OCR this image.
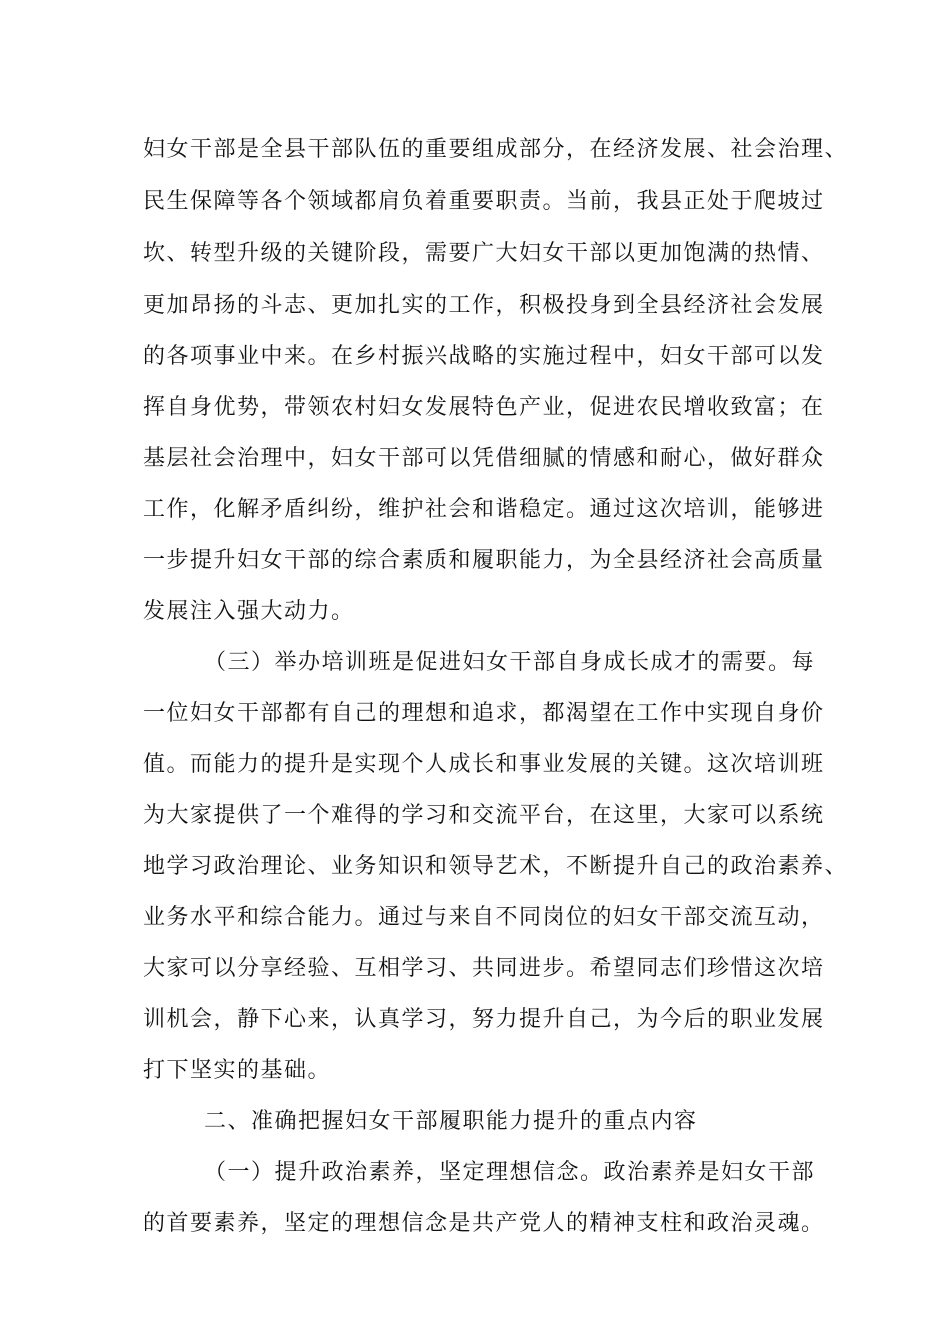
妇女干部是全县干部队伍的重要组成部分，在经济发展、社会治理、
民生保障等各个领域都肩负着重要职责。当前，我县正处于爬坡过
坎、转型升级的关键阶段，需要广大妇女干部以更加饱满的热情、
更加昂扬的斗志、更加扎实的工作，积极投身到全县经济社会发展
的各项事业中来。在乡村振兴战略的实施过程中，妇女干部可以发
挥自身优势，带领农村妇女发展特色产业，促进农民增收致富；在
基层社会治理中，妇女干部可以凭借细腻的情感和耐心，做好群众
工作，化解矛盾纠纷，维护社会和谐稳定。通过这次培训，能够进
一步提升妇女干部的综合素质和履职能力，为全县经济社会高质量
发展注入强大动力。
（三）举办培训班是促进妇女干部自身成长成才的需要。每
一位妇女干部都有自己的理想和追求，都渴望在工作中实现自身价
值。而能力的提升是实现个人成长和事业发展的关键。这次培训班
为大家提供了一个难得的学习和交流平台，在这里，大家可以系统
地学习政治理论、业务知识和领导艺术，不断提升自己的政治素养、
业务水平和综合能力。通过与来自不同岗位的妇女干部交流互动，
大家可以分享经验、互相学习、共同进步。希望同志们珍惜这次培
训机会，静下心来，认真学习，努力提升自己，为今后的职业发展
打下坚实的基础。
二、准确把握妇女干部履职能力提升的重点内容
（一）提升政治素养，坚定理想信念。政治素养是妇女干部
的首要素养，坚定的理想信念是共产党人的精神支柱和政治灵魂。
